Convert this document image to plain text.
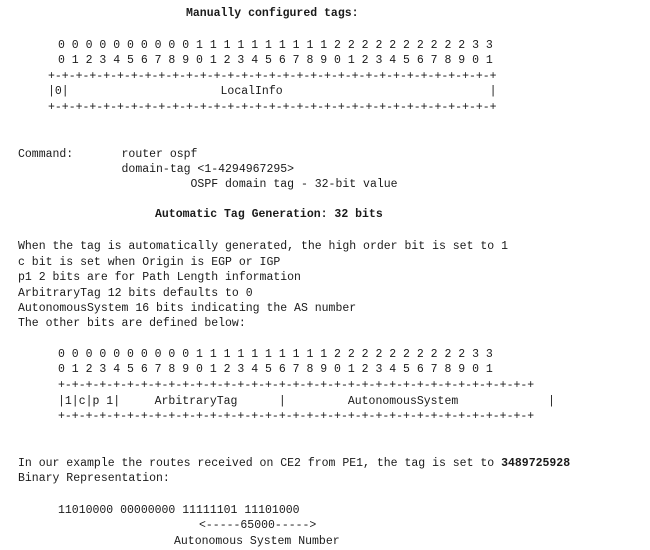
Manually configured tags:
0 0 0 0 0 0 0 0 0 0 1 1 1 1 1 1 1 1 1 1 2 2 2 2 2 2 2 2 2 2 3 3
0 1 2 3 4 5 6 7 8 9 0 1 2 3 4 5 6 7 8 9 0 1 2 3 4 5 6 7 8 9 0 1
+-+-+-+-+-+-+-+-+-+-+-+-+-+-+-+-+-+-+-+-+-+-+-+-+-+-+-+-+-+-+-+-+
|0|                      LocalInfo                              |
+-+-+-+-+-+-+-+-+-+-+-+-+-+-+-+-+-+-+-+-+-+-+-+-+-+-+-+-+-+-+-+-+
Command:       router ospf
domain-tag <1-4294967295>
OSPF domain tag - 32-bit value
Automatic Tag Generation: 32 bits
When the tag is automatically generated, the high order bit is set to 1
c bit is set when Origin is EGP or IGP
p1 2 bits are for Path Length information
ArbitraryTag 12 bits defaults to 0
AutonomousSystem 16 bits indicating the AS number
The other bits are defined below:
0 0 0 0 0 0 0 0 0 0 1 1 1 1 1 1 1 1 1 1 2 2 2 2 2 2 2 2 2 2 3 3
0 1 2 3 4 5 6 7 8 9 0 1 2 3 4 5 6 7 8 9 0 1 2 3 4 5 6 7 8 9 0 1
+-+-+-+-+-+-+-+-+-+-+-+-+-+-+-+-+-+-+-+-+-+-+-+-+-+-+-+-+-+-+-+-+-+-+
|1|c|p 1|     ArbitraryTag      |         AutonomousSystem             |
+-+-+-+-+-+-+-+-+-+-+-+-+-+-+-+-+-+-+-+-+-+-+-+-+-+-+-+-+-+-+-+-+-+-+
In our example the routes received on CE2 from PE1, the tag is set to 3489725928
Binary Representation:
11010000 00000000 11111101 11101000
<-----65000----->
Autonomous System Number
